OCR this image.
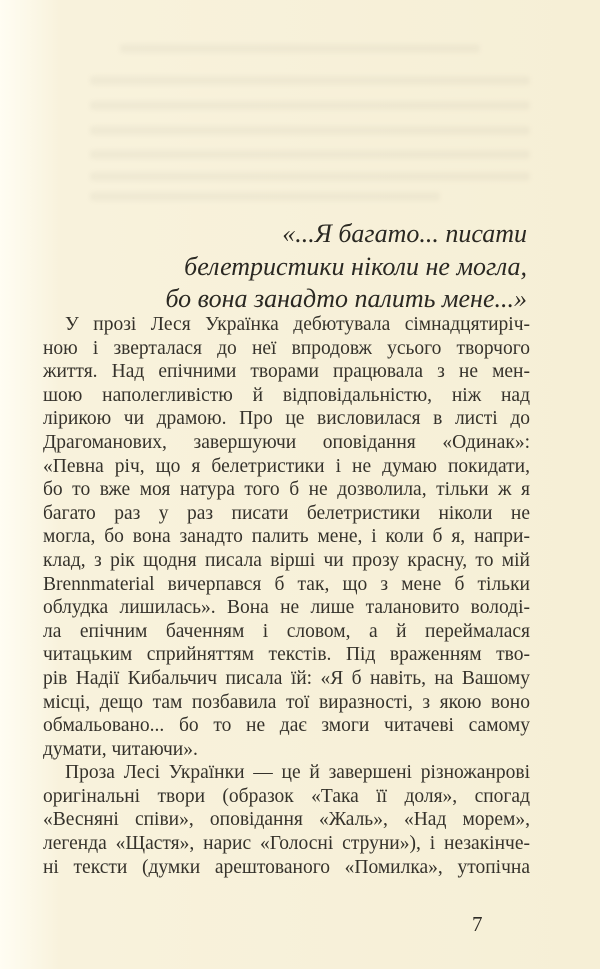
«...Я багато... писати
белетристики ніколи не могла,
бо вона занадто палить мене...»
У прозі Леся Українка дебютувала сімнадцятиріч-
ною і зверталася до неї впродовж усього творчого
життя. Над епічними творами працювала з не мен-
шою наполегливістю й відповідальністю, ніж над
лірикою чи драмою. Про це висловилася в листі до
Драгоманових, завершуючи оповідання «Одинак»:
«Певна річ, що я белетристики і не думаю покидати,
бо то вже моя натура того б не дозволила, тільки ж я
багато раз у раз писати белетристики ніколи не
могла, бо вона занадто палить мене, і коли б я, напри-
клад, з рік щодня писала вірші чи прозу красну, то мій
Brennmaterial вичерпався б так, що з мене б тільки
облудка лишилась». Вона не лише талановито володі-
ла епічним баченням і словом, а й переймалася
читацьким сприйняттям текстів. Під враженням тво-
рів Надії Кибальчич писала їй: «Я б навіть, на Вашому
місці, дещо там позбавила тої виразності, з якою воно
обмальовано... бо то не дає змоги читачеві самому
думати, читаючи».
Проза Лесі Українки — це й завершені різножанрові
оригінальні твори (образок «Така її доля», спогад
«Весняні співи», оповідання «Жаль», «Над морем»,
легенда «Щастя», нарис «Голосні струни»), і незакінче-
ні тексти (думки арештованого «Помилка», утопічна
7
